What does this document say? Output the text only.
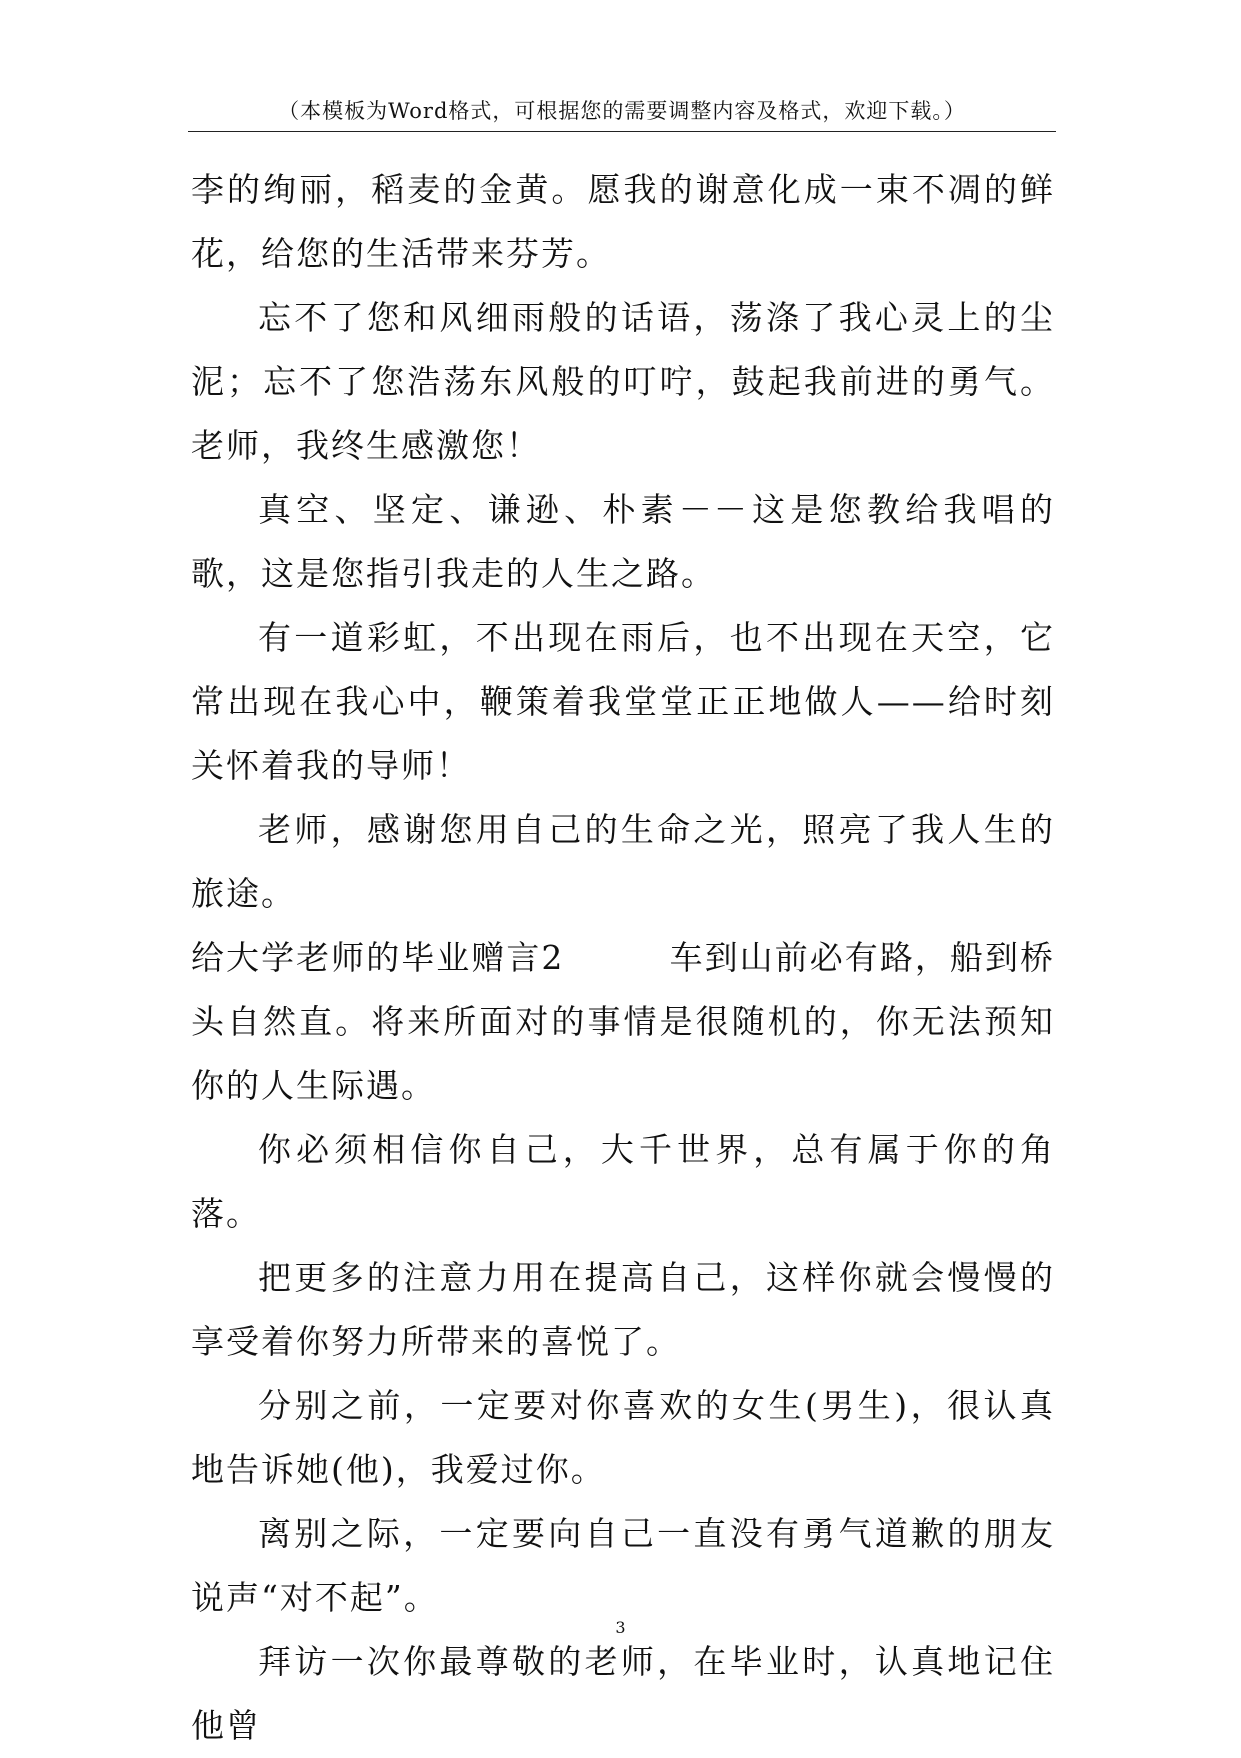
（本模板为Word格式，可根据您的需要调整内容及格式，欢迎下载。）

李的绚丽，稻麦的金黄。愿我的谢意化成一束不凋的鲜花，给您的生活带来芬芳。

忘不了您和风细雨般的话语，荡涤了我心灵上的尘泥；忘不了您浩荡东风般的叮咛，鼓起我前进的勇气。老师，我终生感激您！

真空、坚定、谦逊、朴素－－这是您教给我唱的歌，这是您指引我走的人生之路。

有一道彩虹，不出现在雨后，也不出现在天空，它常出现在我心中，鞭策着我堂堂正正地做人——给时刻关怀着我的导师！

老师，感谢您用自己的生命之光，照亮了我人生的旅途。

给大学老师的毕业赠言2　　　	车到山前必有路，船到桥头自然直。将来所面对的事情是很随机的，你无法预知你的人生际遇。

你必须相信你自己，大千世界，总有属于你的角落。

把更多的注意力用在提高自己，这样你就会慢慢的享受着你努力所带来的喜悦了。

分别之前，一定要对你喜欢的女生(男生)，很认真地告诉她(他)，我爱过你。

离别之际，一定要向自己一直没有勇气道歉的朋友说声“对不起”。

拜访一次你最尊敬的老师，在毕业时，认真地记住他曾

3
